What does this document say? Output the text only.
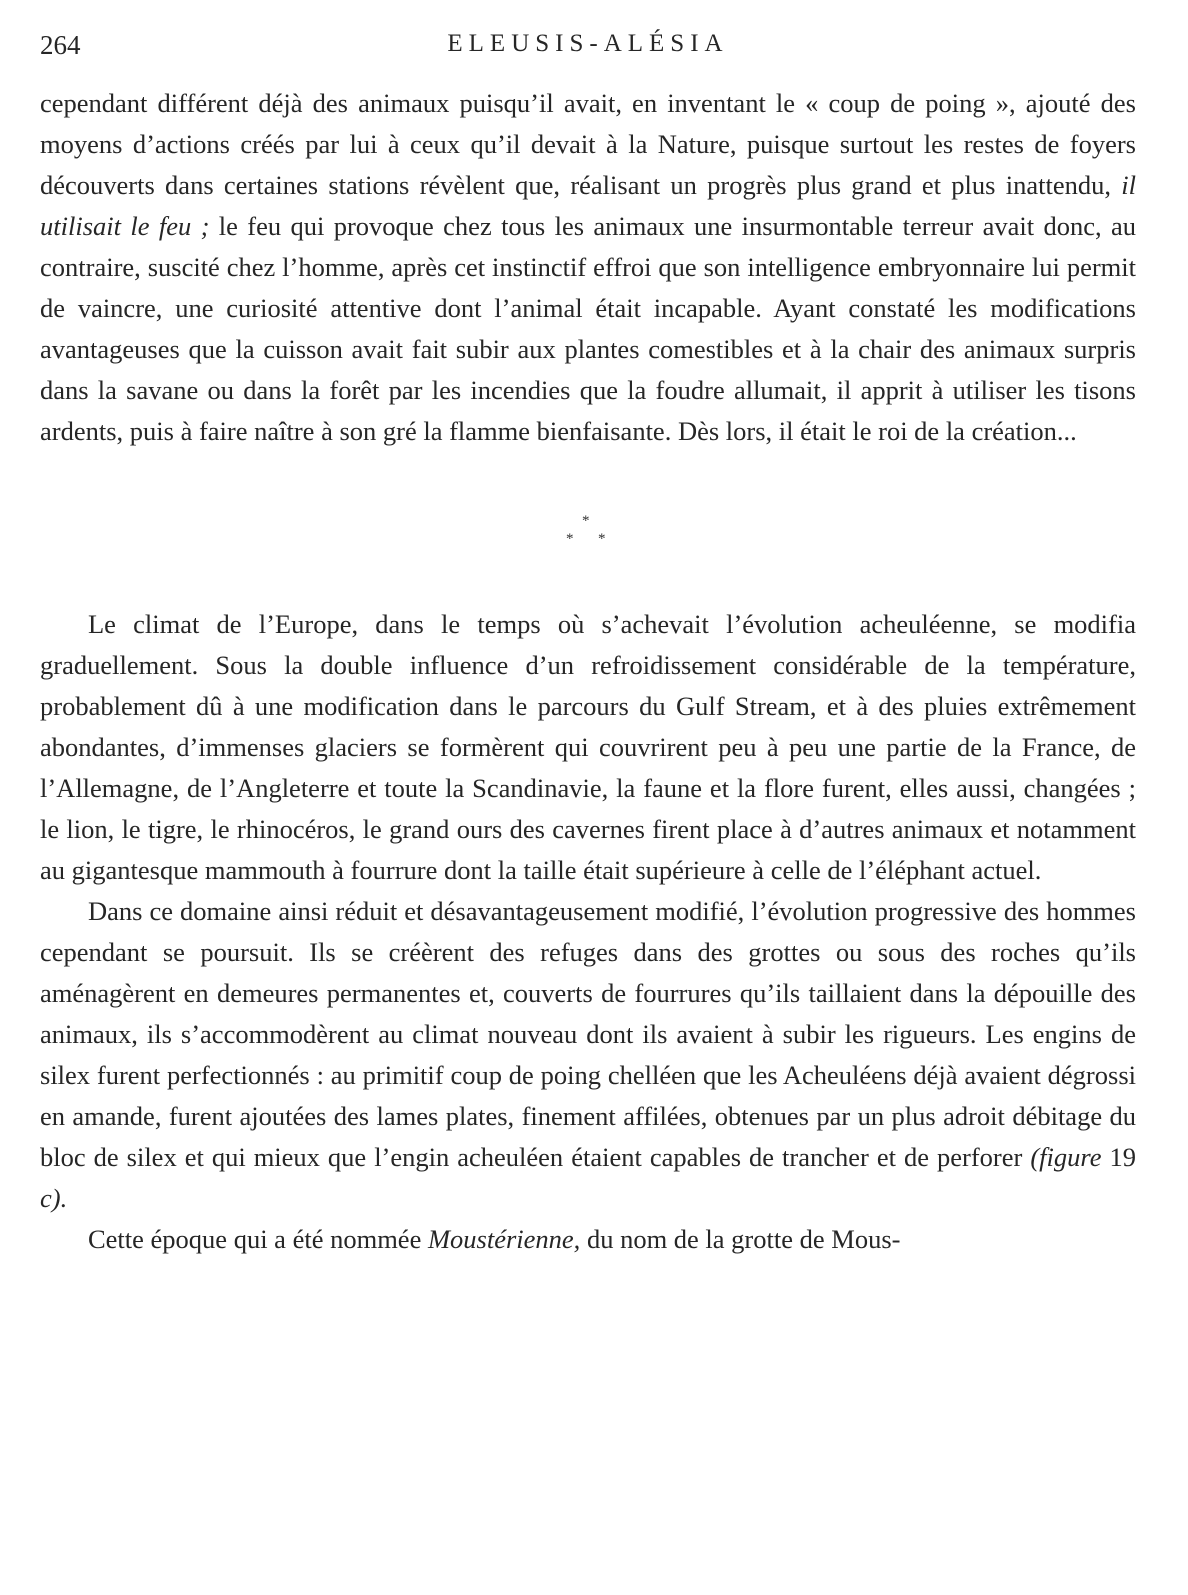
264	ELEUSIS-ALÉSIA

cependant différent déjà des animaux puisqu’il avait, en inventant le « coup de poing », ajouté des moyens d’actions créés par lui à ceux qu’il devait à la Nature, puisque surtout les restes de foyers découverts dans certaines stations révèlent que, réalisant un progrès plus grand et plus inattendu, il utilisait le feu ; le feu qui provoque chez tous les animaux une insurmontable terreur avait donc, au contraire, suscité chez l’homme, après cet instinctif effroi que son intelligence embryonnaire lui permit de vaincre, une curiosité attentive dont l’animal était incapable. Ayant constaté les modifications avantageuses que la cuisson avait fait subir aux plantes comestibles et à la chair des animaux surpris dans la savane ou dans la forêt par les incendies que la foudre allumait, il apprit à utiliser les tisons ardents, puis à faire naître à son gré la flamme bienfaisante. Dès lors, il était le roi de la création...

*
* *

Le climat de l’Europe, dans le temps où s’achevait l’évolution acheuléenne, se modifia graduellement. Sous la double influence d’un refroidissement considérable de la température, probablement dû à une modification dans le parcours du Gulf Stream, et à des pluies extrêmement abondantes, d’immenses glaciers se formèrent qui couvrirent peu à peu une partie de la France, de l’Allemagne, de l’Angleterre et toute la Scandinavie, la faune et la flore furent, elles aussi, changées ; le lion, le tigre, le rhinocéros, le grand ours des cavernes firent place à d’autres animaux et notamment au gigantesque mammouth à fourrure dont la taille était supérieure à celle de l’éléphant actuel.

Dans ce domaine ainsi réduit et désavantageusement modifié, l’évolution progressive des hommes cependant se poursuit. Ils se créèrent des refuges dans des grottes ou sous des roches qu’ils aménagèrent en demeures permanentes et, couverts de fourrures qu’ils taillaient dans la dépouille des animaux, ils s’accommodèrent au climat nouveau dont ils avaient à subir les rigueurs. Les engins de silex furent perfectionnés : au primitif coup de poing chelléen que les Acheuléens déjà avaient dégrossi en amande, furent ajoutées des lames plates, finement affilées, obtenues par un plus adroit débitage du bloc de silex et qui mieux que l’engin acheuléen étaient capables de trancher et de perforer (figure 19 c).

Cette époque qui a été nommée Moustérienne, du nom de la grotte de Mous-
